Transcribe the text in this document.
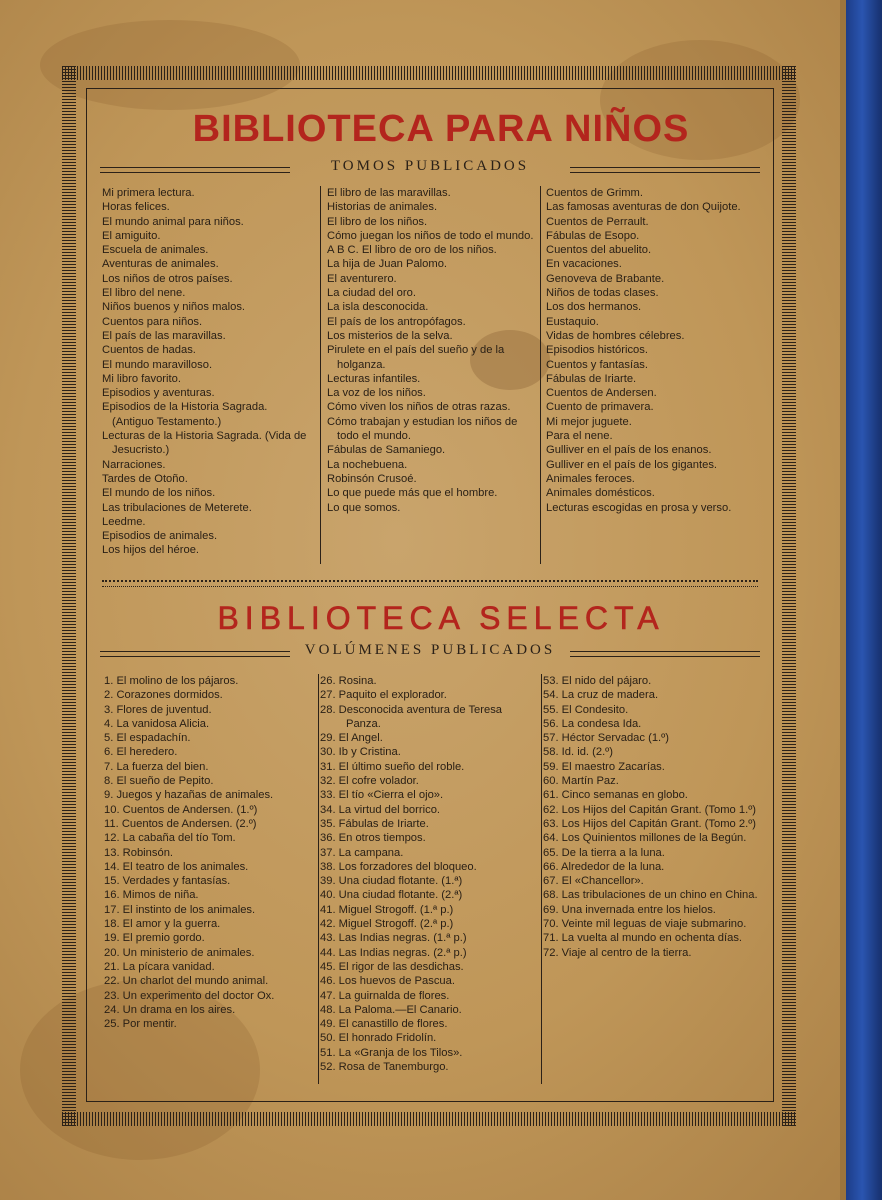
BIBLIOTECA PARA NIÑOS
TOMOS PUBLICADOS
Mi primera lectura.
Horas felices.
El mundo animal para niños.
El amiguito.
Escuela de animales.
Aventuras de animales.
Los niños de otros países.
El libro del nene.
Niños buenos y niños malos.
Cuentos para niños.
El país de las maravillas.
Cuentos de hadas.
El mundo maravilloso.
Mi libro favorito.
Episodios y aventuras.
Episodios de la Historia Sagrada. (Antiguo Testamento.)
Lecturas de la Historia Sagrada. (Vida de Jesucristo.)
Narraciones.
Tardes de Otoño.
El mundo de los niños.
Las tribulaciones de Meterete.
Leedme.
Episodios de animales.
Los hijos del héroe.
El libro de las maravillas.
Historias de animales.
El libro de los niños.
Cómo juegan los niños de todo el mundo.
A B C. El libro de oro de los niños.
La hija de Juan Palomo.
El aventurero.
La ciudad del oro.
La isla desconocida.
El país de los antropófagos.
Los misterios de la selva.
Pirulete en el país del sueño y de la holganza.
Lecturas infantiles.
La voz de los niños.
Cómo viven los niños de otras razas.
Cómo trabajan y estudian los niños de todo el mundo.
Fábulas de Samaniego.
La nochebuena.
Robinsón Crusoé.
Lo que puede más que el hombre.
Lo que somos.
Cuentos de Grimm.
Las famosas aventuras de don Quijote.
Cuentos de Perrault.
Fábulas de Esopo.
Cuentos del abuelito.
En vacaciones.
Genoveva de Brabante.
Niños de todas clases.
Los dos hermanos.
Eustaquio.
Vidas de hombres célebres.
Episodios históricos.
Cuentos y fantasías.
Fábulas de Iriarte.
Cuentos de Andersen.
Cuento de primavera.
Mi mejor juguete.
Para el nene.
Gulliver en el país de los enanos.
Gulliver en el país de los gigantes.
Animales feroces.
Animales domésticos.
Lecturas escogidas en prosa y verso.
BIBLIOTECA SELECTA
VOLÚMENES PUBLICADOS
1. El molino de los pájaros.
2. Corazones dormidos.
3. Flores de juventud.
4. La vanidosa Alicia.
5. El espadachín.
6. El heredero.
7. La fuerza del bien.
8. El sueño de Pepito.
9. Juegos y hazañas de animales.
10. Cuentos de Andersen. (1.º)
11. Cuentos de Andersen. (2.º)
12. La cabaña del tío Tom.
13. Robinsón.
14. El teatro de los animales.
15. Verdades y fantasías.
16. Mimos de niña.
17. El instinto de los animales.
18. El amor y la guerra.
19. El premio gordo.
20. Un ministerio de animales.
21. La pícara vanidad.
22. Un charlot del mundo animal.
23. Un experimento del doctor Ox.
24. Un drama en los aires.
25. Por mentir.
26. Rosina.
27. Paquito el explorador.
28. Desconocida aventura de Teresa Panza.
29. El Angel.
30. Ib y Cristina.
31. El último sueño del roble.
32. El cofre volador.
33. El tío «Cierra el ojo».
34. La virtud del borrico.
35. Fábulas de Iriarte.
36. En otros tiempos.
37. La campana.
38. Los forzadores del bloqueo.
39. Una ciudad flotante. (1.ª)
40. Una ciudad flotante. (2.ª)
41. Miguel Strogoff. (1.ª p.)
42. Miguel Strogoff. (2.ª p.)
43. Las Indias negras. (1.ª p.)
44. Las Indias negras. (2.ª p.)
45. El rigor de las desdichas.
46. Los huevos de Pascua.
47. La guirnalda de flores.
48. La Paloma.—El Canario.
49. El canastillo de flores.
50. El honrado Fridolín.
51. La «Granja de los Tilos».
52. Rosa de Tanemburgo.
53. El nido del pájaro.
54. La cruz de madera.
55. El Condesito.
56. La condesa Ida.
57. Héctor Servadac (1.º)
58. Id. id. (2.º)
59. El maestro Zacarías.
60. Martín Paz.
61. Cinco semanas en globo.
62. Los Hijos del Capitán Grant. (Tomo 1.º)
63. Los Hijos del Capitán Grant. (Tomo 2.º)
64. Los Quinientos millones de la Begún.
65. De la tierra a la luna.
66. Alrededor de la luna.
67. El «Chancellor».
68. Las tribulaciones de un chino en China.
69. Una invernada entre los hielos.
70. Veinte mil leguas de viaje submarino.
71. La vuelta al mundo en ochenta días.
72. Viaje al centro de la tierra.
